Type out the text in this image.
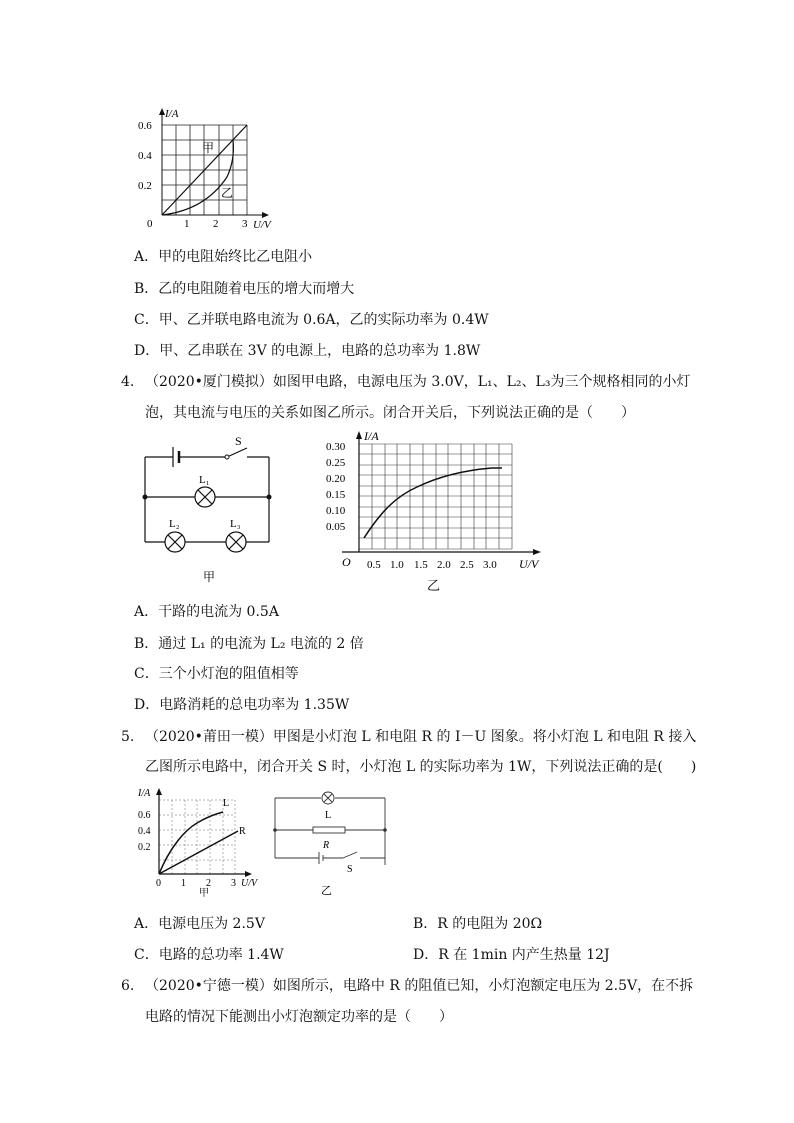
I/A
0.6
0.4
0.2
0	1 2 3 U/V
甲
乙
A．甲的电阻始终比乙电阻小
B．乙的电阻随着电压的增大而增大
C．甲、乙并联电路电流为 0.6A，乙的实际功率为 0.4W
D．甲、乙串联在 3V 的电源上，电路的总功率为 1.8W
4. （2020•厦门模拟）如图甲电路，电源电压为 3.0V，L₁、L₂、L₃为三个规格相同的小灯
泡，其电流与电压的关系如图乙所示。闭合开关后，下列说法正确的是（　　）
S
L₁
L₂	L₃
甲
I/A
0.30
0.25
0.20
0.15
0.10
0.05
O 0.5 1.0 1.5 2.0 2.5 3.0 U/V
乙
A．干路的电流为 0.5A
B．通过 L₁ 的电流为 L₂ 电流的 2 倍
C．三个小灯泡的阻值相等
D．电路消耗的总电功率为 1.35W
5. （2020•莆田一模）甲图是小灯泡 L 和电阻 R 的 I－U 图象。将小灯泡 L 和电阻 R 接入
乙图所示电路中，闭合开关 S 时，小灯泡 L 的实际功率为 1W，下列说法正确的是(　　)
I/A
0.6
0.4
0.2
0 1 2 3 U/V
L
R
甲
L
R
S
乙
A．电源电压为 2.5V	B．R 的电阻为 20Ω
C．电路的总功率 1.4W	D．R 在 1min 内产生热量 12J
6. （2020•宁德一模）如图所示，电路中 R 的阻值已知，小灯泡额定电压为 2.5V，在不拆
电路的情况下能测出小灯泡额定功率的是（　　）
